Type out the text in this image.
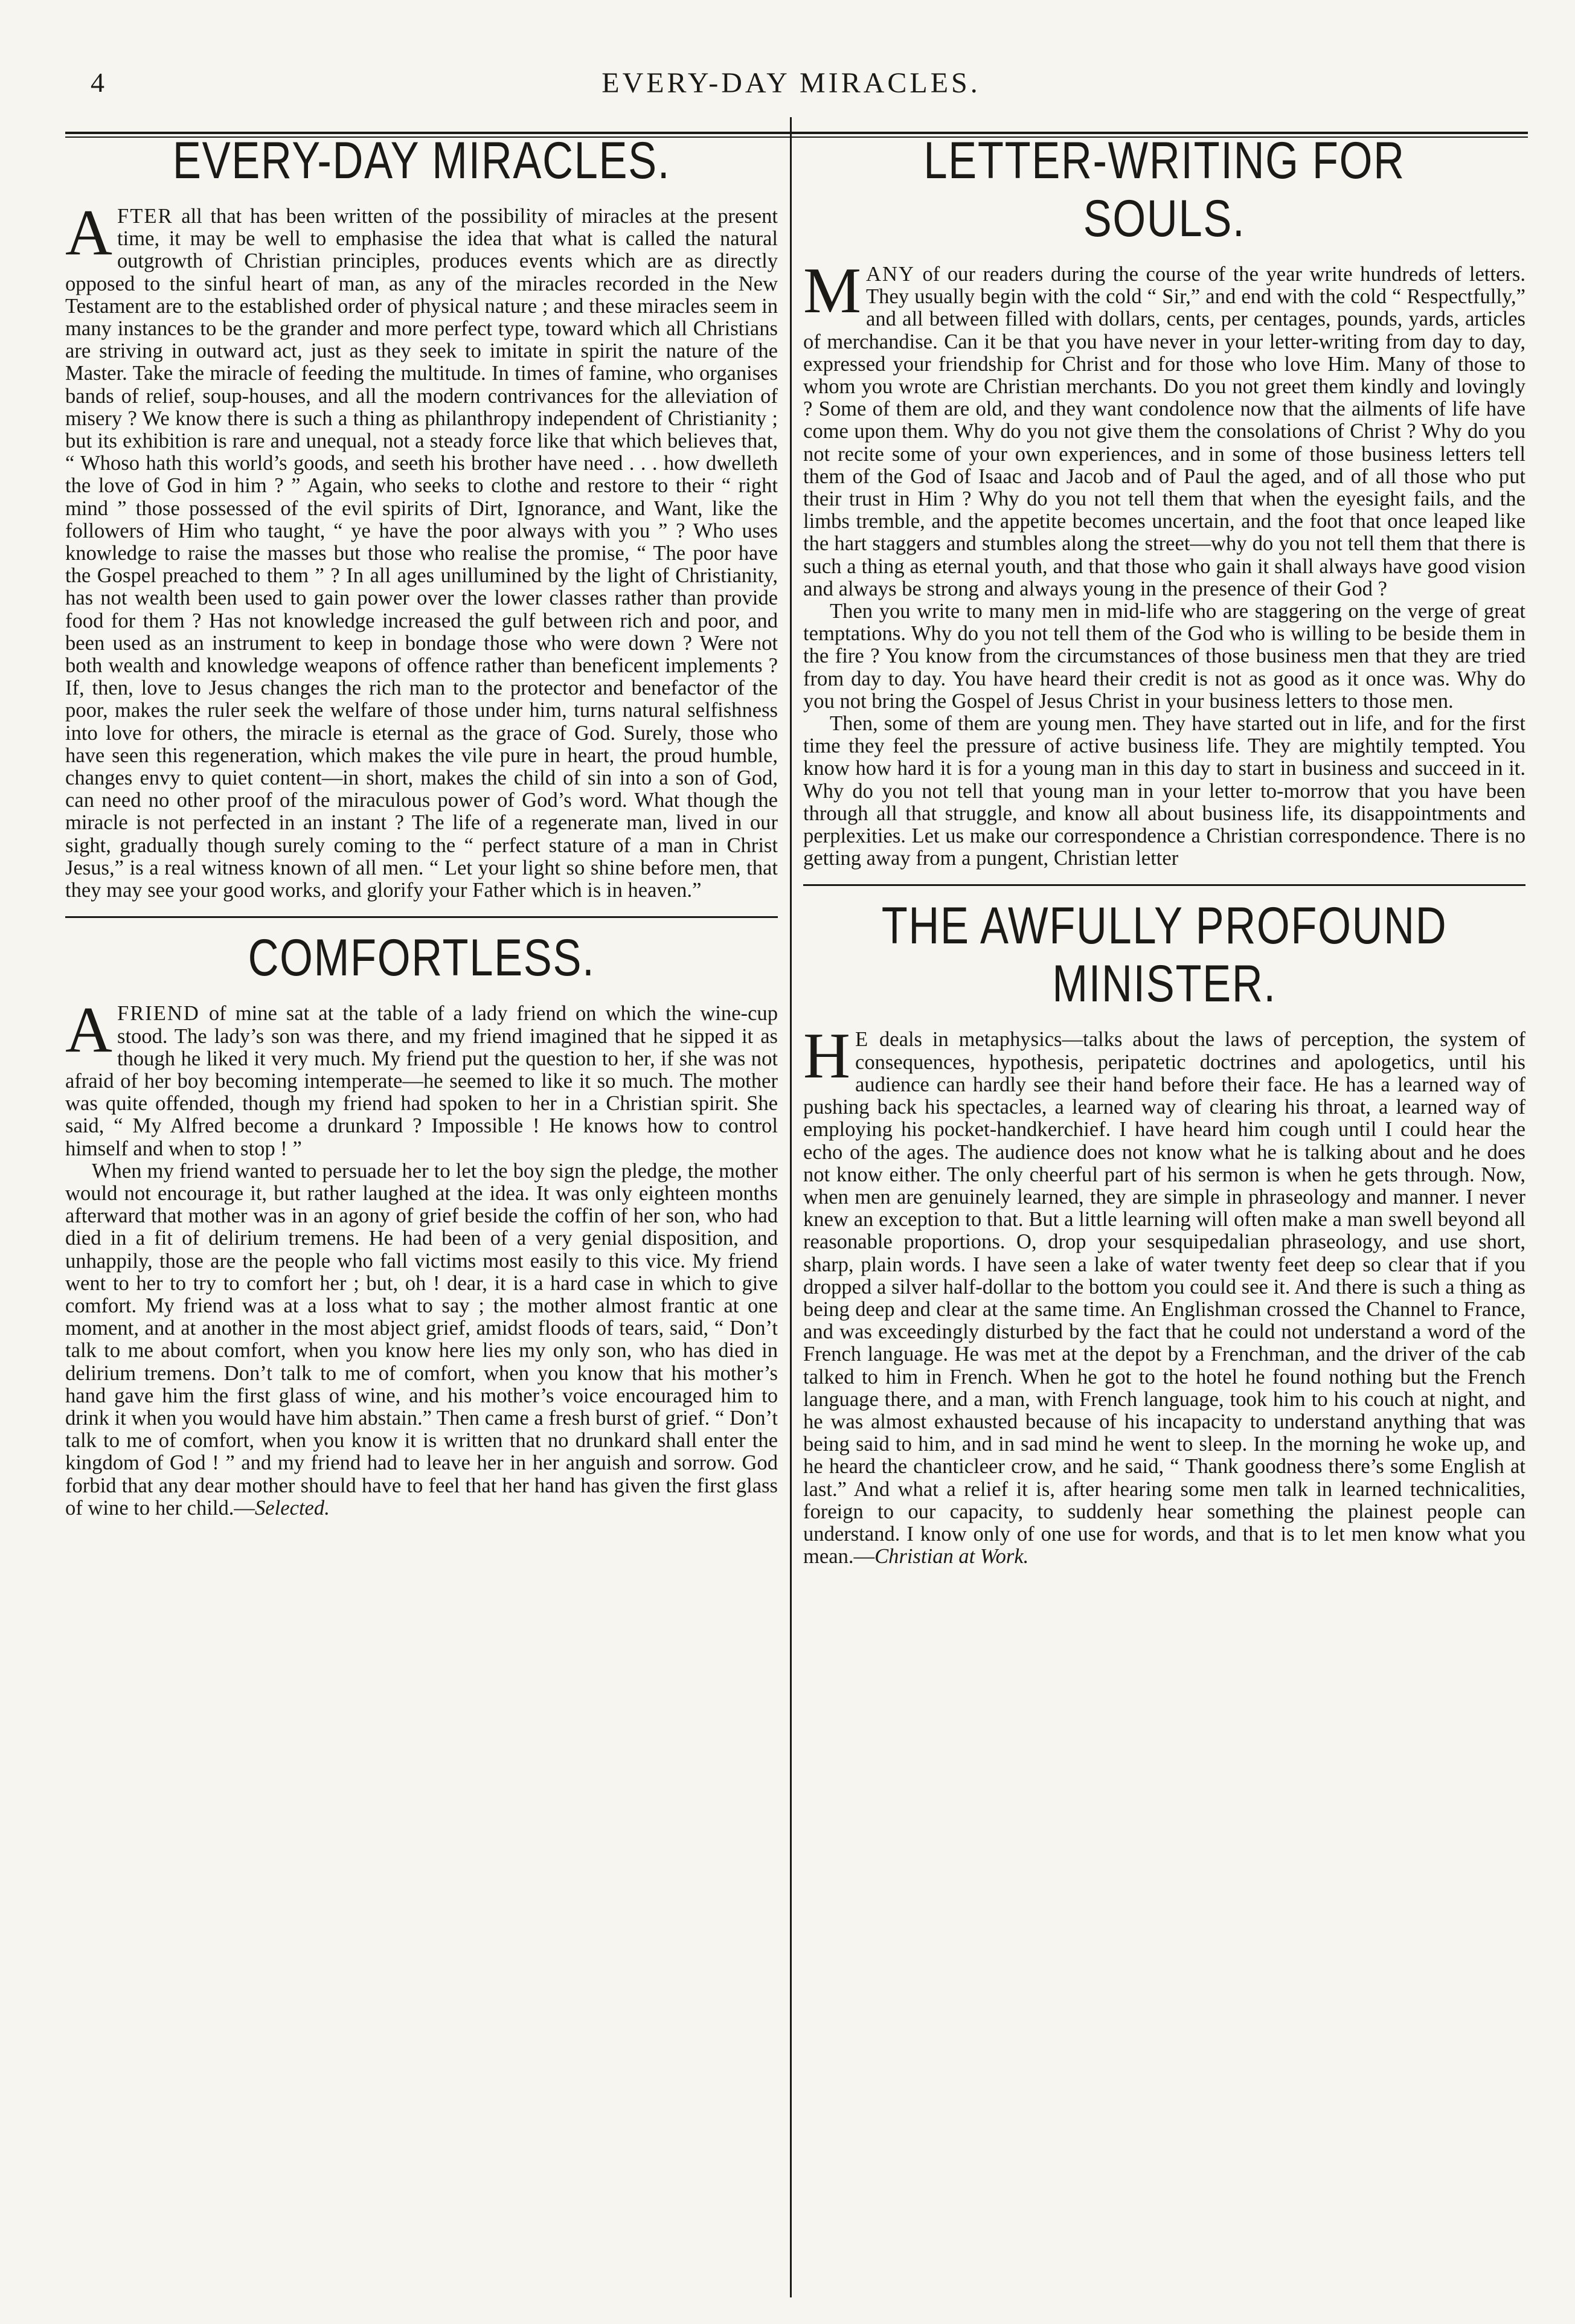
4	EVERY-DAY MIRACLES.
EVERY-DAY MIRACLES.

AFTER all that has been written of the possibility of miracles at the present time, it may be well to emphasise the idea that what is called the natural outgrowth of Christian principles, produces events which are as directly opposed to the sinful heart of man, as any of the miracles recorded in the New Testament are to the established order of physical nature ; and these miracles seem in many instances to be the grander and more perfect type, toward which all Christians are striving in outward act, just as they seek to imitate in spirit the nature of the Master. Take the miracle of feeding the multitude. In times of famine, who organises bands of relief, soup-houses, and all the modern contrivances for the alleviation of misery ? We know there is such a thing as philanthropy independent of Christianity ; but its exhibition is rare and unequal, not a steady force like that which believes that, “ Whoso hath this world’s goods, and seeth his brother have need . . . how dwelleth the love of God in him ? ” Again, who seeks to clothe and restore to their “ right mind ” those possessed of the evil spirits of Dirt, Ignorance, and Want, like the followers of Him who taught, “ ye have the poor always with you ” ? Who uses knowledge to raise the masses but those who realise the promise, “ The poor have the Gospel preached to them ” ? In all ages unillumined by the light of Christianity, has not wealth been used to gain power over the lower classes rather than provide food for them ? Has not knowledge increased the gulf between rich and poor, and been used as an instrument to keep in bondage those who were down ? Were not both wealth and knowledge weapons of offence rather than beneficent implements ? If, then, love to Jesus changes the rich man to the protector and benefactor of the poor, makes the ruler seek the welfare of those under him, turns natural selfishness into love for others, the miracle is eternal as the grace of God. Surely, those who have seen this regeneration, which makes the vile pure in heart, the proud humble, changes envy to quiet content—in short, makes the child of sin into a son of God, can need no other proof of the miraculous power of God’s word. What though the miracle is not perfected in an instant ? The life of a regenerate man, lived in our sight, gradually though surely coming to the “ perfect stature of a man in Christ Jesus,” is a real witness known of all men. “ Let your light so shine before men, that they may see your good works, and glorify your Father which is in heaven.”

COMFORTLESS.

AFRIEND of mine sat at the table of a lady friend on which the wine-cup stood. The lady’s son was there, and my friend imagined that he sipped it as though he liked it very much. My friend put the question to her, if she was not afraid of her boy becoming intemperate—he seemed to like it so much. The mother was quite offended, though my friend had spoken to her in a Christian spirit. She said, “ My Alfred become a drunkard ? Impossible ! He knows how to control himself and when to stop ! ”

When my friend wanted to persuade her to let the boy sign the pledge, the mother would not encourage it, but rather laughed at the idea. It was only eighteen months afterward that mother was in an agony of grief beside the coffin of her son, who had died in a fit of delirium tremens. He had been of a very genial disposition, and unhappily, those are the people who fall victims most easily to this vice. My friend went to her to try to comfort her ; but, oh ! dear, it is a hard case in which to give comfort. My friend was at a loss what to say ; the mother almost frantic at one moment, and at another in the most abject grief, amidst floods of tears, said, “ Don’t talk to me about comfort, when you know here lies my only son, who has died in delirium tremens. Don’t talk to me of comfort, when you know that his mother’s hand gave him the first glass of wine, and his mother’s voice encouraged him to drink it when you would have him abstain.” Then came a fresh burst of grief. “ Don’t talk to me of comfort, when you know it is written that no drunkard shall enter the kingdom of God ! ” and my friend had to leave her in her anguish and sorrow. God forbid that any dear mother should have to feel that her hand has given the first glass of wine to her child.—Selected.

LETTER-WRITING FOR SOULS.

MANY of our readers during the course of the year write hundreds of letters. They usually begin with the cold “ Sir,” and end with the cold “ Respectfully,” and all between filled with dollars, cents, per centages, pounds, yards, articles of merchandise. Can it be that you have never in your letter-writing from day to day, expressed your friendship for Christ and for those who love Him. Many of those to whom you wrote are Christian merchants. Do you not greet them kindly and lovingly ? Some of them are old, and they want condolence now that the ailments of life have come upon them. Why do you not give them the consolations of Christ ? Why do you not recite some of your own experiences, and in some of those business letters tell them of the God of Isaac and Jacob and of Paul the aged, and of all those who put their trust in Him ? Why do you not tell them that when the eyesight fails, and the limbs tremble, and the appetite becomes uncertain, and the foot that once leaped like the hart staggers and stumbles along the street—why do you not tell them that there is such a thing as eternal youth, and that those who gain it shall always have good vision and always be strong and always young in the presence of their God ?

Then you write to many men in mid-life who are staggering on the verge of great temptations. Why do you not tell them of the God who is willing to be beside them in the fire ? You know from the circumstances of those business men that they are tried from day to day. You have heard their credit is not as good as it once was. Why do you not bring the Gospel of Jesus Christ in your business letters to those men.

Then, some of them are young men. They have started out in life, and for the first time they feel the pressure of active business life. They are mightily tempted. You know how hard it is for a young man in this day to start in business and succeed in it. Why do you not tell that young man in your letter to-morrow that you have been through all that struggle, and know all about business life, its disappointments and perplexities. Let us make our correspondence a Christian correspondence. There is no getting away from a pungent, Christian letter

THE AWFULLY PROFOUND
MINISTER.

H E deals in metaphysics—talks about the laws of perception, the system of consequences, hypothesis, peripatetic doctrines and apologetics, until his audience can hardly see their hand before their face. He has a learned way of pushing back his spectacles, a learned way of clearing his throat, a learned way of employing his pocket-handkerchief. I have heard him cough until I could hear the echo of the ages. The audience does not know what he is talking about and he does not know either. The only cheerful part of his sermon is when he gets through. Now, when men are genuinely learned, they are simple in phraseology and manner. I never knew an exception to that. But a little learning will often make a man swell beyond all reasonable proportions. O, drop your sesquipedalian phraseology, and use short, sharp, plain words. I have seen a lake of water twenty feet deep so clear that if you dropped a silver half-dollar to the bottom you could see it. And there is such a thing as being deep and clear at the same time. An Englishman crossed the Channel to France, and was exceedingly disturbed by the fact that he could not understand a word of the French language. He was met at the depot by a Frenchman, and the driver of the cab talked to him in French. When he got to the hotel he found nothing but the French language there, and a man, with French language, took him to his couch at night, and he was almost exhausted because of his incapacity to understand anything that was being said to him, and in sad mind he went to sleep. In the morning he woke up, and he heard the chanticleer crow, and he said, “ Thank goodness there’s some English at last.” And what a relief it is, after hearing some men talk in learned technicalities, foreign to our capacity, to suddenly hear something the plainest people can understand. I know only of one use for words, and that is to let men know what you mean.—Christian at Work.
